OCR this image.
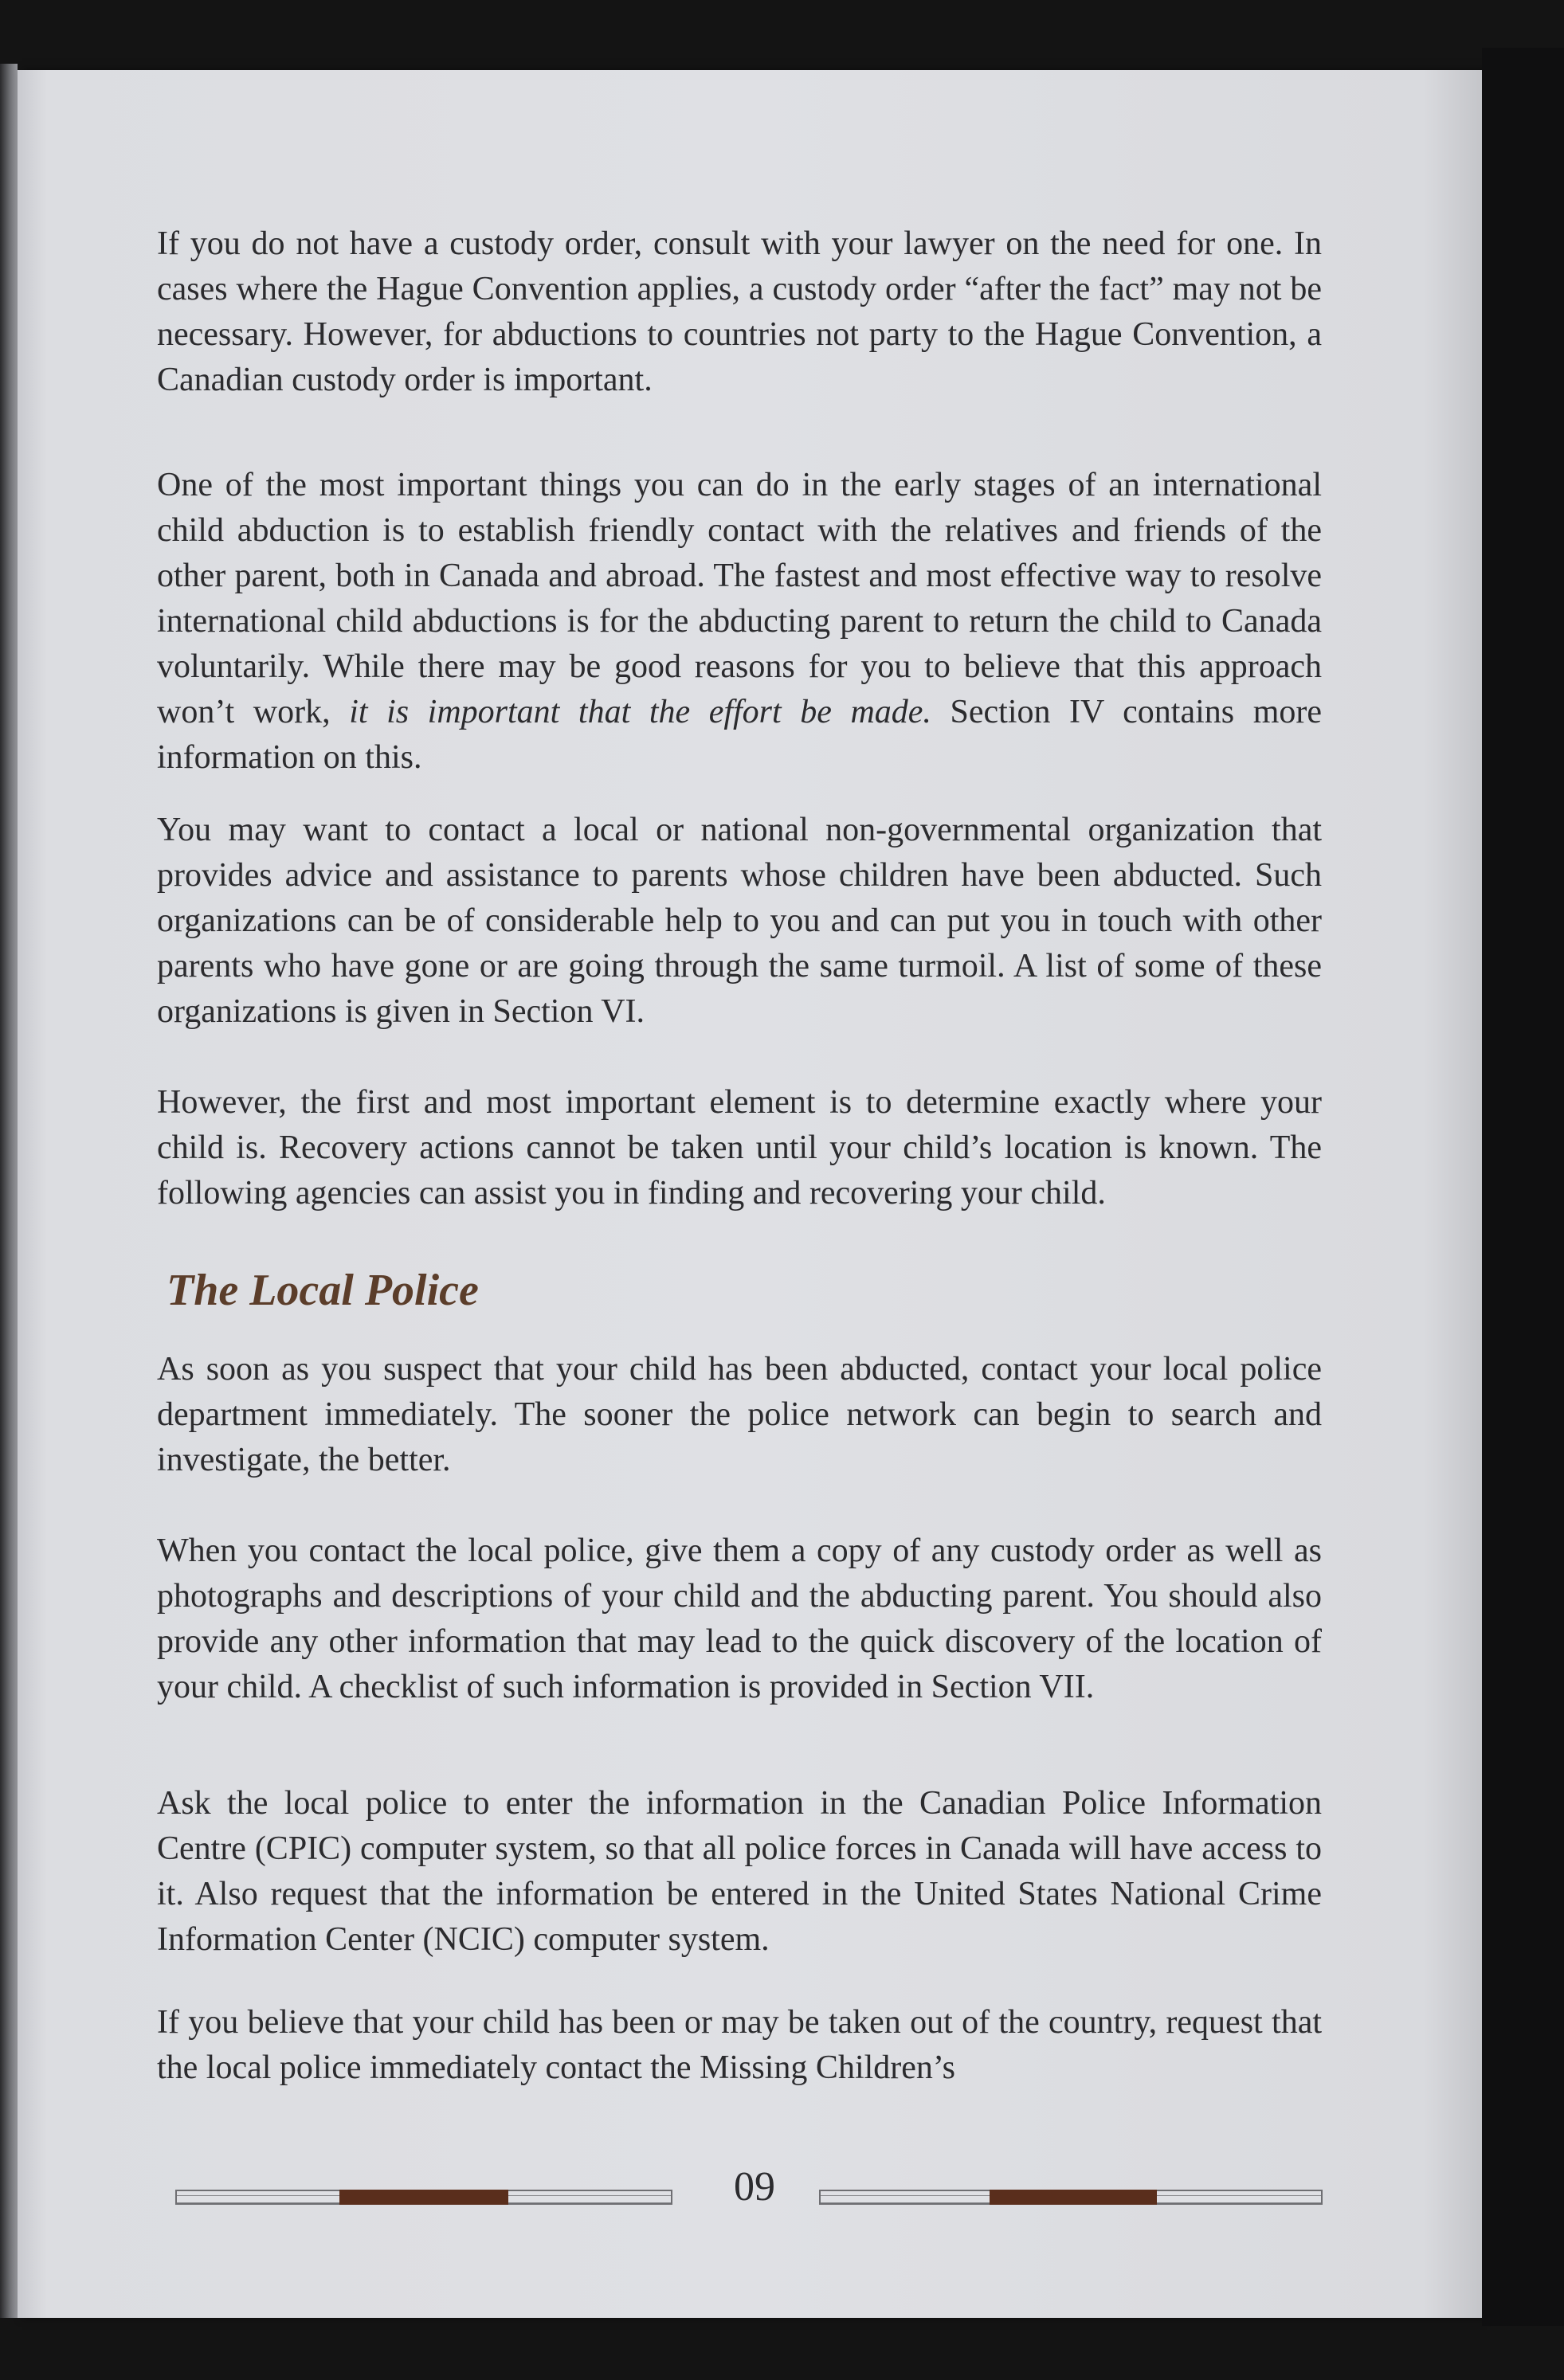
If you do not have a custody order, consult with your lawyer on the need for one. In cases where the Hague Convention applies, a custody order “after the fact” may not be necessary. However, for abductions to countries not party to the Hague Convention, a Canadian custody order is important.

One of the most important things you can do in the early stages of an international child abduction is to establish friendly contact with the relatives and friends of the other parent, both in Canada and abroad. The fastest and most effective way to resolve international child abductions is for the abducting parent to return the child to Canada voluntarily. While there may be good reasons for you to believe that this approach won’t work, it is important that the effort be made. Section IV contains more information on this.

You may want to contact a local or national non-governmental organization that provides advice and assistance to parents whose children have been abducted. Such organizations can be of considerable help to you and can put you in touch with other parents who have gone or are going through the same turmoil. A list of some of these organizations is given in Section VI.

However, the first and most important element is to determine exactly where your child is. Recovery actions cannot be taken until your child’s location is known. The following agencies can assist you in finding and recovering your child.

The Local Police

As soon as you suspect that your child has been abducted, contact your local police department immediately. The sooner the police network can begin to search and investigate, the better.

When you contact the local police, give them a copy of any custody order as well as photographs and descriptions of your child and the abducting parent. You should also provide any other information that may lead to the quick discovery of the location of your child. A checklist of such information is provided in Section VII.

Ask the local police to enter the information in the Canadian Police Information Centre (CPIC) computer system, so that all police forces in Canada will have access to it. Also request that the information be entered in the United States National Crime Information Center (NCIC) computer system.

If you believe that your child has been or may be taken out of the country, request that the local police immediately contact the Missing Children’s

09
